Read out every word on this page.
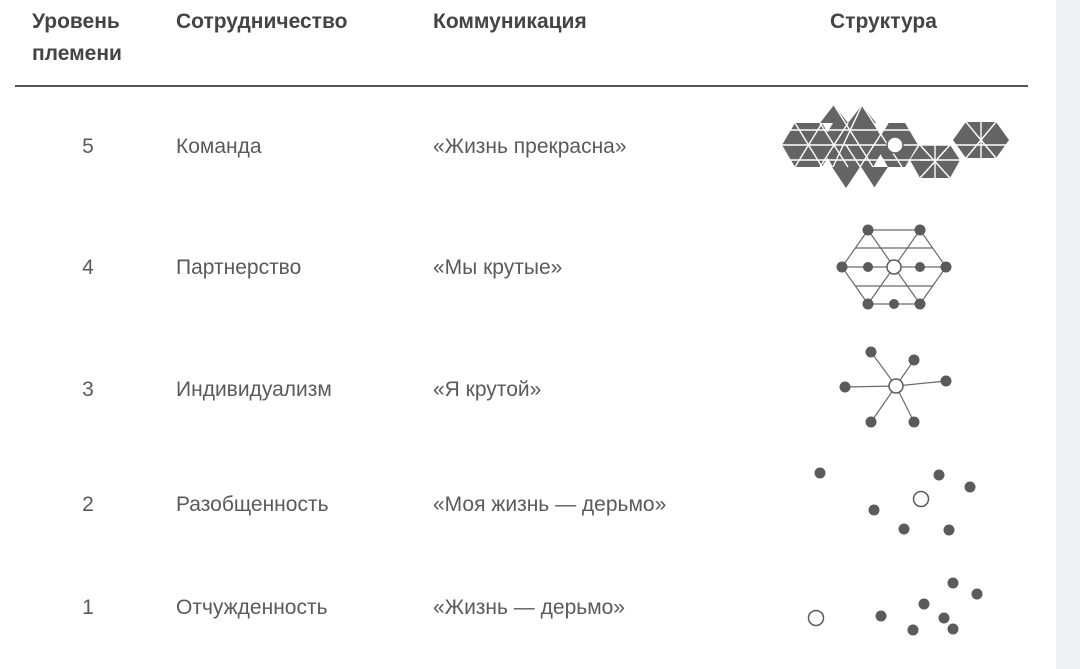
Уровень
племени
Сотрудничество	Коммуникация	Структура
5	Команда	«Жизнь прекрасна»
4	Партнерство	«Мы крутые»
3	Индивидуализм	«Я крутой»
2	Разобщенность	«Моя жизнь — дерьмо»
1	Отчужденность	«Жизнь — дерьмо»
